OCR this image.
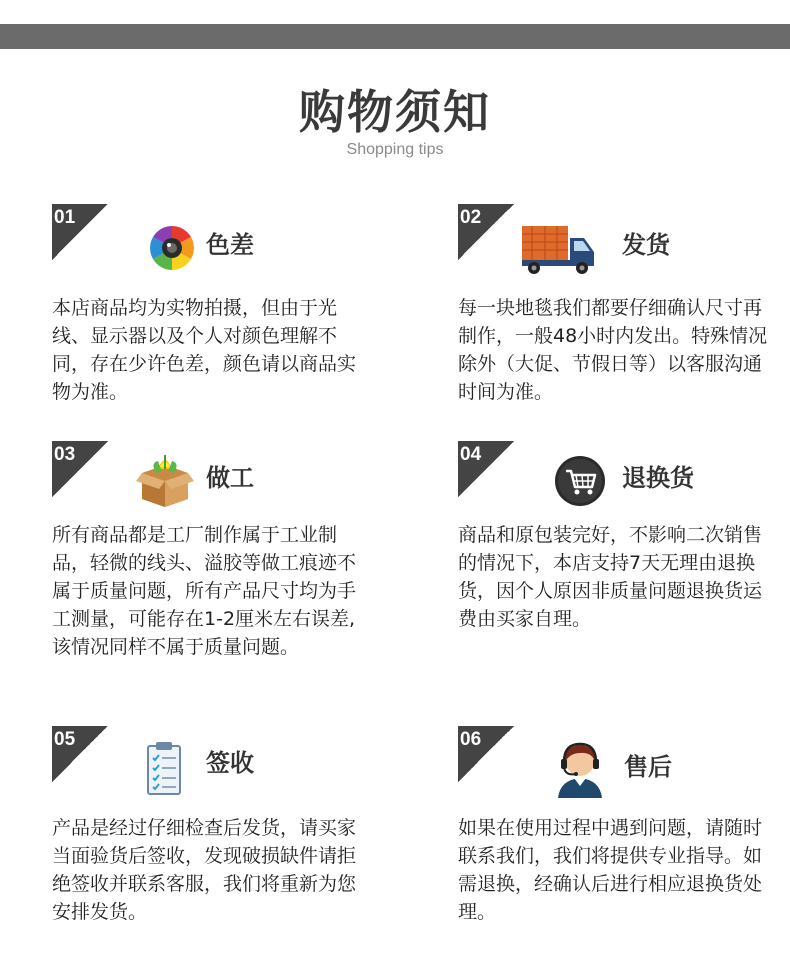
购物须知
Shopping tips
01
色差
本店商品均为实物拍摄，但由于光线、显示器以及个人对颜色理解不同，存在少许色差，颜色请以商品实物为准。
02
发货
每一块地毯我们都要仔细确认尺寸再制作，一般48小时内发出。特殊情况除外（大促、节假日等）以客服沟通时间为准。
03
做工
所有商品都是工厂制作属于工业制品，轻微的线头、溢胶等做工痕迹不属于质量问题，所有产品尺寸均为手工测量，可能存在1-2厘米左右误差,该情况同样不属于质量问题。
04
退换货
商品和原包装完好，不影响二次销售的情况下，本店支持7天无理由退换货，因个人原因非质量问题退换货运费由买家自理。
05
签收
产品是经过仔细检查后发货，请买家当面验货后签收，发现破损缺件请拒绝签收并联系客服，我们将重新为您安排发货。
06
售后
如果在使用过程中遇到问题，请随时联系我们，我们将提供专业指导。如需退换，经确认后进行相应退换货处理。
